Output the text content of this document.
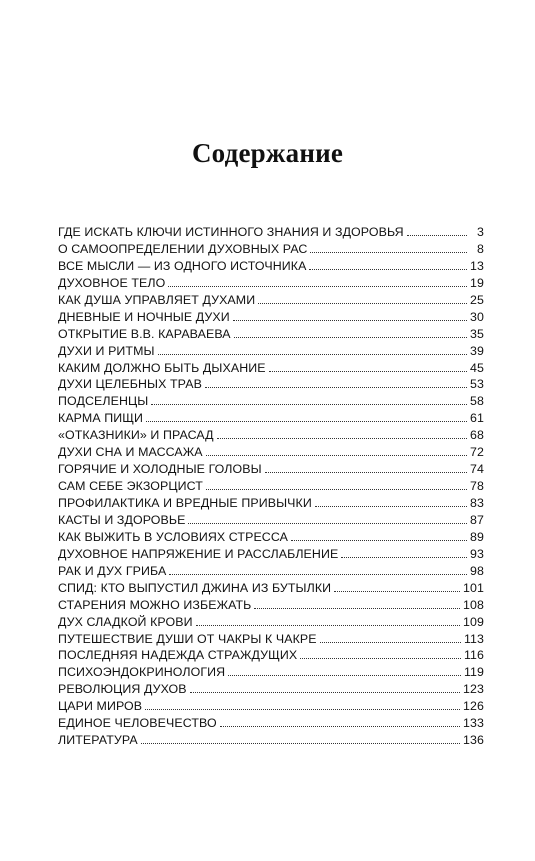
Содержание
ГДЕ ИСКАТЬ КЛЮЧИ ИСТИННОГО ЗНАНИЯ И ЗДОРОВЬЯ	3
О САМООПРЕДЕЛЕНИИ ДУХОВНЫХ РАС	8
ВСЕ МЫСЛИ — ИЗ ОДНОГО ИСТОЧНИКА	13
ДУХОВНОЕ ТЕЛО	19
КАК ДУША УПРАВЛЯЕТ ДУХАМИ	25
ДНЕВНЫЕ И НОЧНЫЕ ДУХИ	30
ОТКРЫТИЕ В.В. КАРАВАЕВА	35
ДУХИ И РИТМЫ	39
КАКИМ ДОЛЖНО БЫТЬ ДЫХАНИЕ	45
ДУХИ ЦЕЛЕБНЫХ ТРАВ	53
ПОДСЕЛЕНЦЫ	58
КАРМА ПИЩИ	61
«ОТКАЗНИКИ» И ПРАСАД	68
ДУХИ СНА И МАССАЖА	72
ГОРЯЧИЕ И ХОЛОДНЫЕ ГОЛОВЫ	74
САМ СЕБЕ ЭКЗОРЦИСТ	78
ПРОФИЛАКТИКА И ВРЕДНЫЕ ПРИВЫЧКИ	83
КАСТЫ И ЗДОРОВЬЕ	87
КАК ВЫЖИТЬ В УСЛОВИЯХ СТРЕССА	89
ДУХОВНОЕ НАПРЯЖЕНИЕ И РАССЛАБЛЕНИЕ	93
РАК И ДУХ ГРИБА	98
СПИД: КТО ВЫПУСТИЛ ДЖИНА ИЗ БУТЫЛКИ	101
СТАРЕНИЯ МОЖНО ИЗБЕЖАТЬ	108
ДУХ СЛАДКОЙ КРОВИ	109
ПУТЕШЕСТВИЕ ДУШИ ОТ ЧАКРЫ К ЧАКРЕ	113
ПОСЛЕДНЯЯ НАДЕЖДА СТРАЖДУЩИХ	116
ПСИХОЭНДОКРИНОЛОГИЯ	119
РЕВОЛЮЦИЯ ДУХОВ	123
ЦАРИ МИРОВ	126
ЕДИНОЕ ЧЕЛОВЕЧЕСТВО	133
ЛИТЕРАТУРА	136
